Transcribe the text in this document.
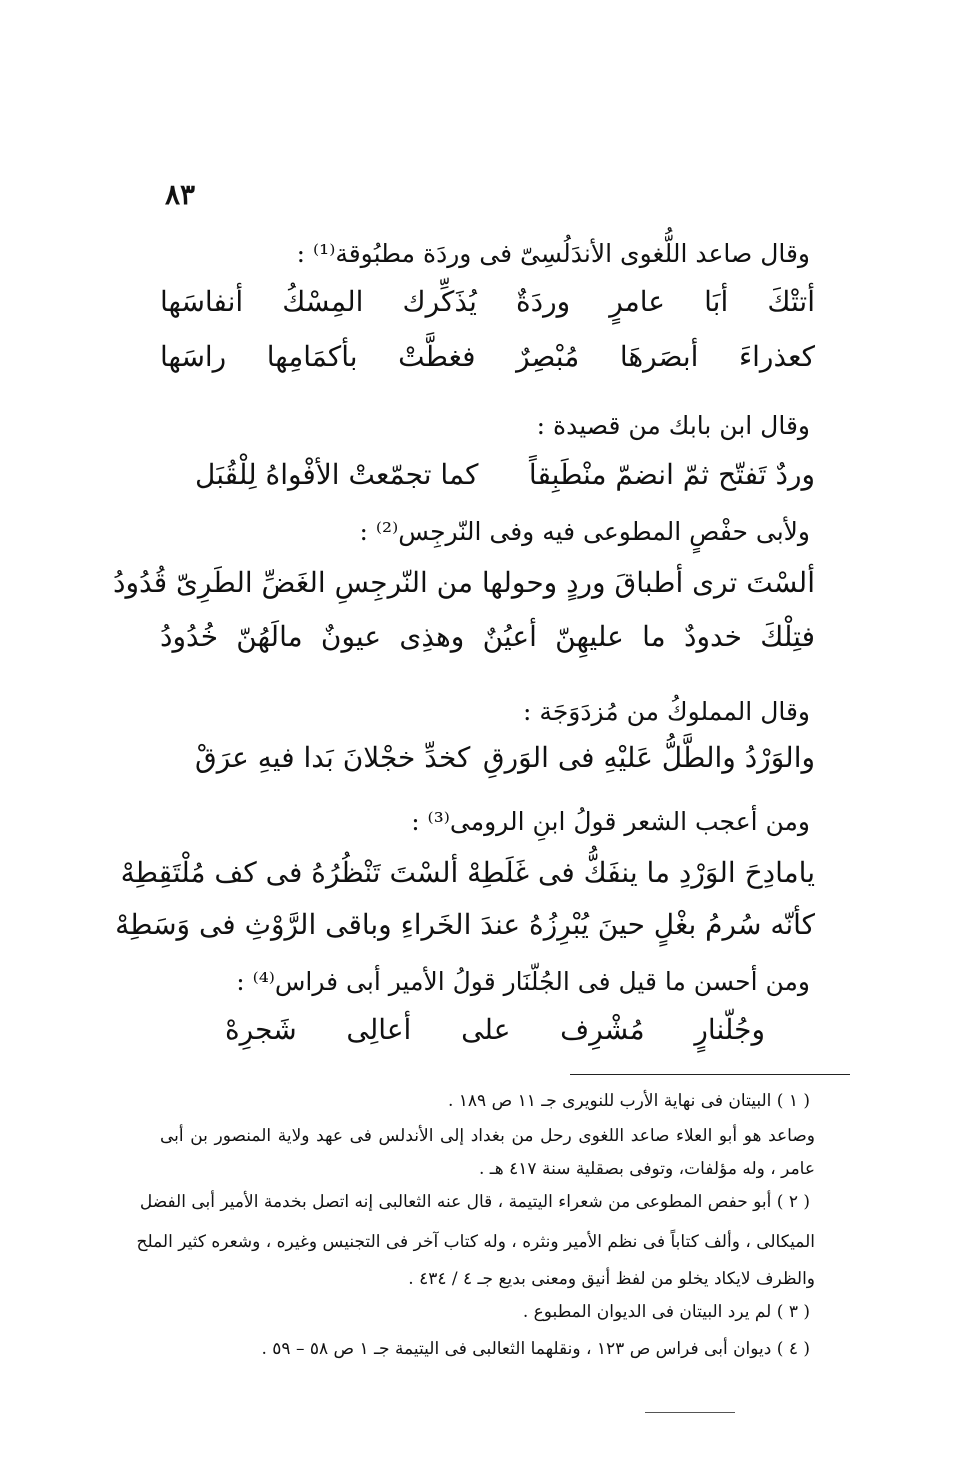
٨٣
وقال صاعد اللُّغوى الأندَلُسِىّ فى وردَة مطبُوقة⁽¹⁾ :
أتتْكَ أبَا عامرٍ وردَةٌ يُذَكِّرك المِسْكُ أنفاسَها
كعذراءَ أبصَرهَا مُبْصِرٌ فغطَّتْ بأكمَامِها راسَها
وقال ابن بابك من قصيدة :
وردٌ تَفتّح ثمّ انضمّ منْطَبِقاً
كما تجمّعتْ الأفْواهُ لِلْقُبَل
ولأبى حفْصٍ المطوعى فيه وفى النّرجِس⁽²⁾ :
ألسْتَ ترى أطباقَ وردٍ وحولها من النّرجِسِ الغَضِّ الطَرِىّ قُدُودُ
فتِلْكَ خدودٌ ما عليهِنّ أعيُنٌ وهذِى عيونٌ مالَهُنّ خُدُودُ
وقال المملوكُ من مُزدَوَجَة :
والوَرْدُ والطَّلُّ عَليْهِ فى الوَرقِ
كخدِّ خجْلانَ بَدا فيهِ عرَقْ
ومن أعجب الشعر قولُ ابنِ الرومى⁽³⁾ :
يامادِحَ الوَرْدِ ما ينفَكُّ فى غَلَطِهْ ألسْتَ تَنْظُرُهُ فى كف مُلْتَقِطِهْ
كأنّه سُرمُ بغْلٍ حينَ يُبْرِزُهُ عندَ الخَراءِ وباقى الرَّوْثِ فى وَسَطِهْ
ومن أحسن ما قيل فى الجُلّنَار قولُ الأمير أبى فراس⁽⁴⁾ :
وجُلّنارٍ مُشْرِف على أعالِى شَجرِهْ
( ١ ) البيتان فى نهاية الأرب للنويرى جـ ١١ ص ١٨٩ .
وصاعد هو أبو العلاء صاعد اللغوى رحل من بغداد إلى الأندلس فى عهد ولاية المنصور بن أبى
عامر ، وله مؤلفات، وتوفى بصقلية سنة ٤١٧ هـ .
( ٢ ) أبو حفص المطوعى من شعراء اليتيمة ، قال عنه الثعالبى إنه اتصل بخدمة الأمير أبى الفضل
الميكالى ، وألف كتاباً فى نظم الأمير ونثره ، وله كتاب آخر فى التجنيس وغيره ، وشعره كثير الملح
والظرف لايكاد يخلو من لفظ أنيق ومعنى بديع جـ ٤ / ٤٣٤ .
( ٣ ) لم يرد البيتان فى الديوان المطبوع .
( ٤ ) ديوان أبى فراس ص ١٢٣ ، ونقلهما الثعالبى فى اليتيمة جـ ١ ص ٥٨ – ٥٩ .
